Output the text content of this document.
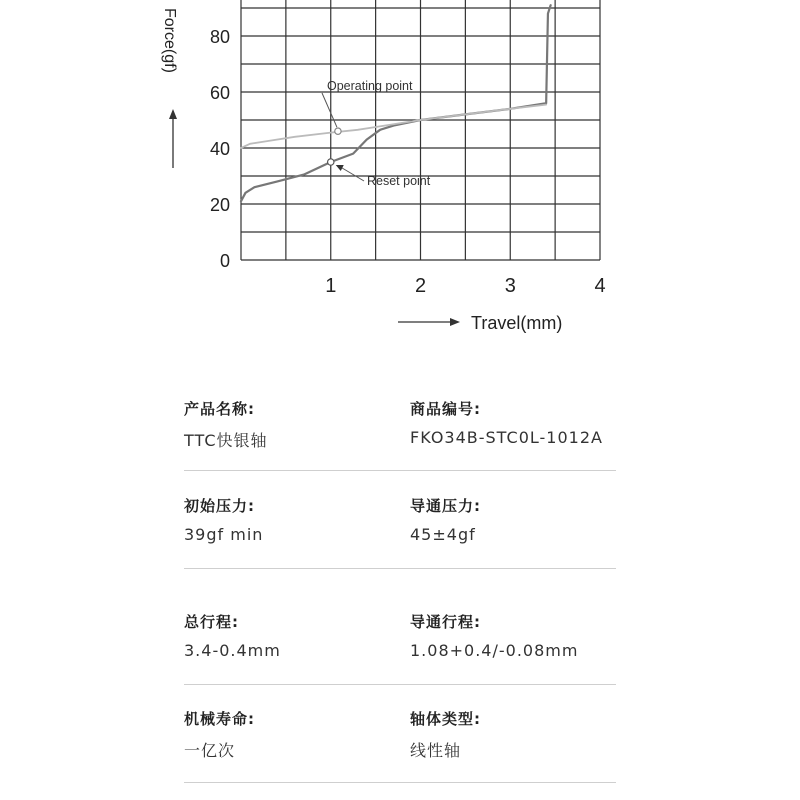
Operating point
Reset point
0
20
40
60
80
1	2	3	4
Force(gf)
Travel(mm)
产品名称:
TTC快银轴
商品编号:
FKO34B-STC0L-1012A
初始压力:
39gf min
导通压力:
45±4gf
总行程:
3.4-0.4mm
导通行程:
1.08+0.4/-0.08mm
机械寿命:
一亿次
轴体类型:
线性轴
